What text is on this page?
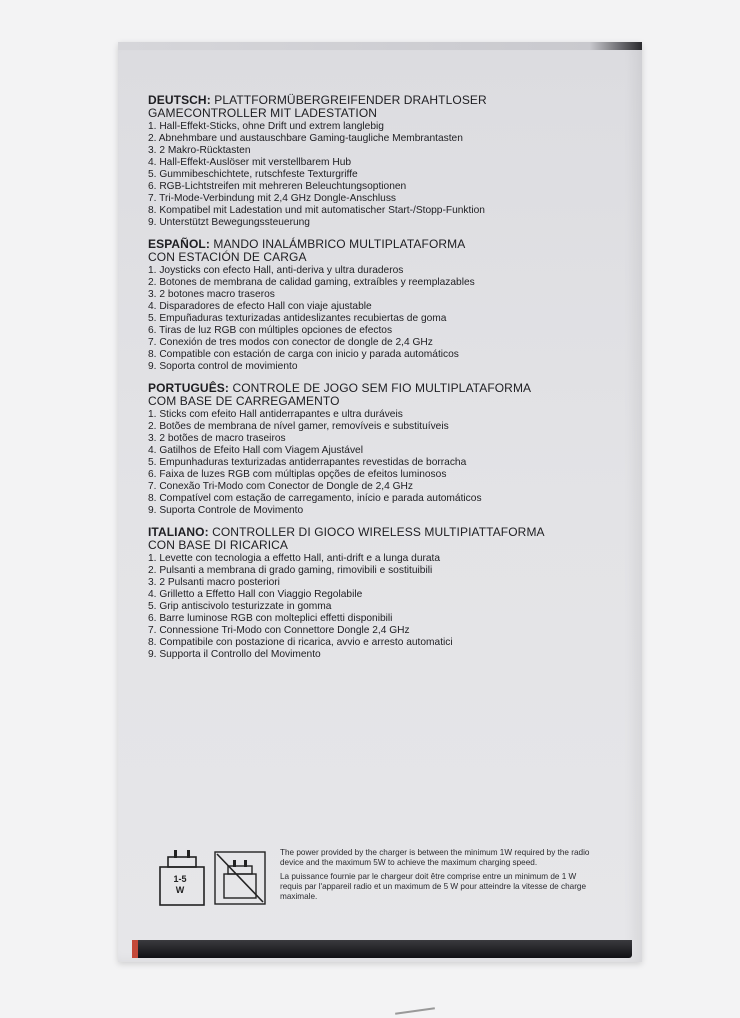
DEUTSCH: PLATTFORMÜBERGREIFENDER DRAHTLOSER
GAMECONTROLLER MIT LADESTATION
1. Hall-Effekt-Sticks, ohne Drift und extrem langlebig
2. Abnehmbare und austauschbare Gaming-taugliche Membrantasten
3. 2 Makro-Rücktasten
4. Hall-Effekt-Auslöser mit verstellbarem Hub
5. Gummibeschichtete, rutschfeste Texturgriffe
6. RGB-Lichtstreifen mit mehreren Beleuchtungsoptionen
7. Tri-Mode-Verbindung mit 2,4 GHz Dongle-Anschluss
8. Kompatibel mit Ladestation und mit automatischer Start-/Stopp-Funktion
9. Unterstützt Bewegungssteuerung
ESPAÑOL: MANDO INALÁMBRICO MULTIPLATAFORMA
CON ESTACIÓN DE CARGA
1. Joysticks con efecto Hall, anti-deriva y ultra duraderos
2. Botones de membrana de calidad gaming, extraíbles y reemplazables
3. 2 botones macro traseros
4. Disparadores de efecto Hall con viaje ajustable
5. Empuñaduras texturizadas antideslizantes recubiertas de goma
6. Tiras de luz RGB con múltiples opciones de efectos
7. Conexión de tres modos con conector de dongle de 2,4 GHz
8. Compatible con estación de carga con inicio y parada automáticos
9. Soporta control de movimiento
PORTUGUÊS: CONTROLE DE JOGO SEM FIO MULTIPLATAFORMA
COM BASE DE CARREGAMENTO
1. Sticks com efeito Hall antiderrapantes e ultra duráveis
2. Botões de membrana de nível gamer, removíveis e substituíveis
3. 2 botões de macro traseiros
4. Gatilhos de Efeito Hall com Viagem Ajustável
5. Empunhaduras texturizadas antiderrapantes revestidas de borracha
6. Faixa de luzes RGB com múltiplas opções de efeitos luminosos
7. Conexão Tri-Modo com Conector de Dongle de 2,4 GHz
8. Compatível com estação de carregamento, início e parada automáticos
9. Suporta Controle de Movimento
ITALIANO: CONTROLLER DI GIOCO WIRELESS MULTIPIATTAFORMA
CON BASE DI RICARICA
1. Levette con tecnologia a effetto Hall, anti-drift e a lunga durata
2. Pulsanti a membrana di grado gaming, rimovibili e sostituibili
3. 2 Pulsanti macro posteriori
4. Grilletto a Effetto Hall con Viaggio Regolabile
5. Grip antiscivolo testurizzate in gomma
6. Barre luminose RGB con molteplici effetti disponibili
7. Connessione Tri-Modo con Connettore Dongle 2,4 GHz
8. Compatibile con postazione di ricarica, avvio e arresto automatici
9. Supporta il Controllo del Movimento
1-5
W

The power provided by the charger is between the minimum 1W required by the radio device and the maximum 5W to achieve the maximum charging speed.

La puissance fournie par le chargeur doit être comprise entre un minimum de 1 W requis par l'appareil radio et un maximum de 5 W pour atteindre la vitesse de charge maximale.
